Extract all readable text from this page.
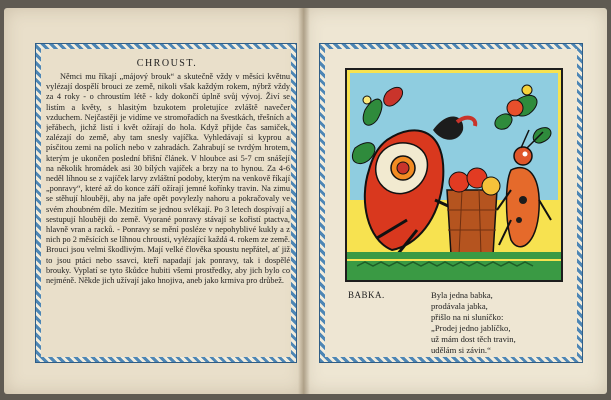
CHROUST.
Němci mu říkají „májový brouk“ a skutečně vždy v měsíci květnu vylézají dospělí brouci ze země, nikoli však každým rokem, nýbrž vždy za 4 roky - o chroustím létě - kdy dokončí úplně svůj vývoj. Živí se listím a květy, s hlasitým bzukotem proletujíce zvláště navečer vzduchem. Nejčastěji je vidíme ve stromořadích na švestkách, třešních a jeřábech, jichž listí i květ ožírají do hola. Když přijde čas samiček, zalézají do země, aby tam snesly vajíčka. Vyhledávají si kyprou a písčitou zemi na polích nebo v zahradách. Zahrabují se tvrdým hrotem, kterým je ukončen poslední břišní článek. V hloubce asi 5-7 cm snášejí na několik hromádek asi 30 bílých vajíček a brzy na to hynou. Za 4-6 neděl líhnou se z vajíček larvy zvláštní podoby, kterým na venkově říkají „ponravy“, které až do konce září ožírají jemné kořínky travin. Na zimu se stěhují hlouběji, aby na jaře opět povylezly nahoru a pokračovaly ve svém zhoubném díle. Mezitím se jednou svlékají. Po 3 letech dospívají a sestupují hlouběji do země. Vyorané ponravy stávají se kořistí ptactva, hlavně vran a racků. - Ponravy se mění posléze v nepohyblivé kukly a z nich po 2 měsících se líhnou chrousti, vylézající každá 4. rokem ze země. Brouci jsou velmi škodlivým. Mají velké člověka spoustu nepřátel, ať již to jsou ptáci nebo ssavci, kteří napadají jak ponravy, tak i dospělé brouky. Vyplatí se tyto škůdce hubiti všemi prostředky, aby jich bylo co nejméně. Někde jich užívají jako hnojiva, aneb jako krmiva pro drůbež.
BABKA.	Byla jedna babka,
prodávala jabka,
přišlo na ni sluníčko:
„Prodej jedno jablíčko,
už mám dost těch travin,
udělám si závin.“
